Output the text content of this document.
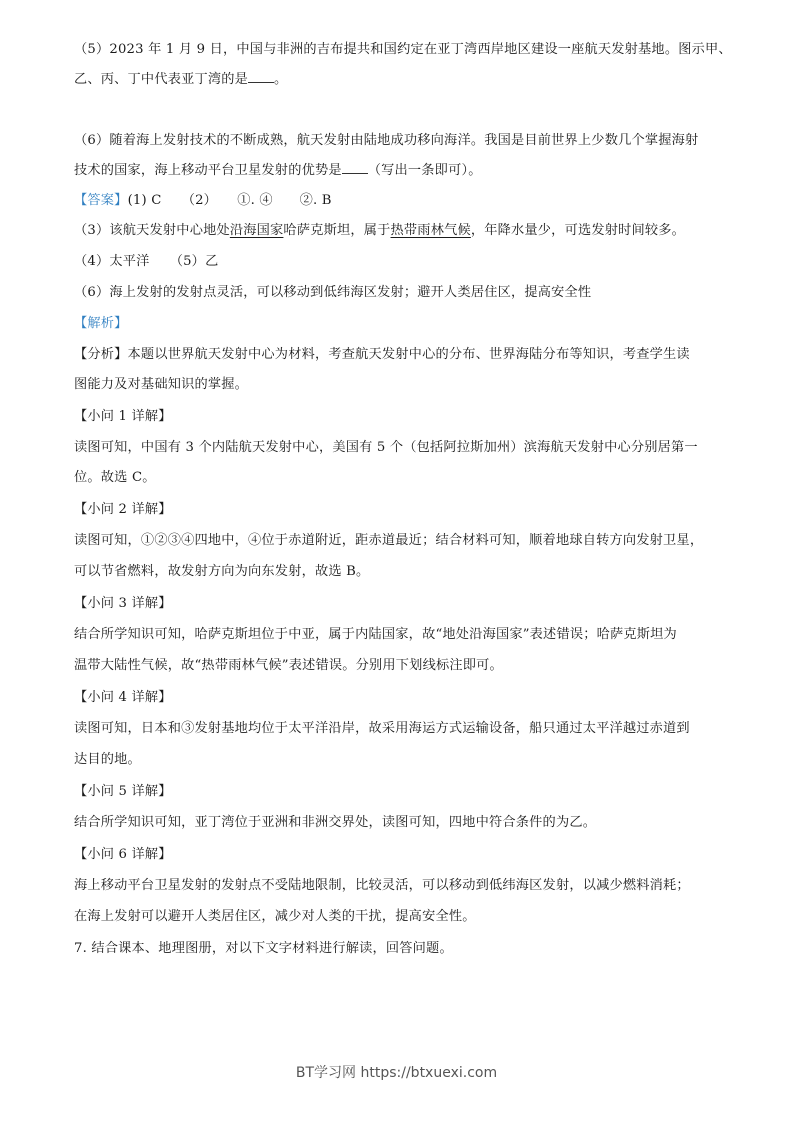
（5）2023 年 1 月 9 日，中国与非洲的吉布提共和国约定在亚丁湾西岸地区建设一座航天发射基地。图示甲、
乙、丙、丁中代表亚丁湾的是 。
（6）随着海上发射技术的不断成熟，航天发射由陆地成功移向海洋。我国是目前世界上少数几个掌握海射
技术的国家，海上移动平台卫星发射的优势是 （写出一条即可）。
【答案】(1) C　　（2）　　①. ④　　②. B
（3）该航天发射中心地处沿海国家哈萨克斯坦，属于热带雨林气候，年降水量少，可选发射时间较多。
（4）太平洋　　（5）乙
（6）海上发射的发射点灵活，可以移动到低纬海区发射；避开人类居住区，提高安全性
【解析】
【分析】本题以世界航天发射中心为材料，考查航天发射中心的分布、世界海陆分布等知识，考查学生读
图能力及对基础知识的掌握。
【小问 1 详解】
读图可知，中国有 3 个内陆航天发射中心，美国有 5 个（包括阿拉斯加州）滨海航天发射中心分别居第一
位。故选 C。
【小问 2 详解】
读图可知，①②③④四地中，④位于赤道附近，距赤道最近；结合材料可知，顺着地球自转方向发射卫星，
可以节省燃料，故发射方向为向东发射，故选 B。
【小问 3 详解】
结合所学知识可知，哈萨克斯坦位于中亚，属于内陆国家，故“地处沿海国家”表述错误；哈萨克斯坦为
温带大陆性气候，故“热带雨林气候”表述错误。分别用下划线标注即可。
【小问 4 详解】
读图可知，日本和③发射基地均位于太平洋沿岸，故采用海运方式运输设备，船只通过太平洋越过赤道到
达目的地。
【小问 5 详解】
结合所学知识可知，亚丁湾位于亚洲和非洲交界处，读图可知，四地中符合条件的为乙。
【小问 6 详解】
海上移动平台卫星发射的发射点不受陆地限制，比较灵活，可以移动到低纬海区发射，以减少燃料消耗；
在海上发射可以避开人类居住区，减少对人类的干扰，提高安全性。
7. 结合课本、地理图册，对以下文字材料进行解读，回答问题。
BT学习网 https://btxuexi.com
